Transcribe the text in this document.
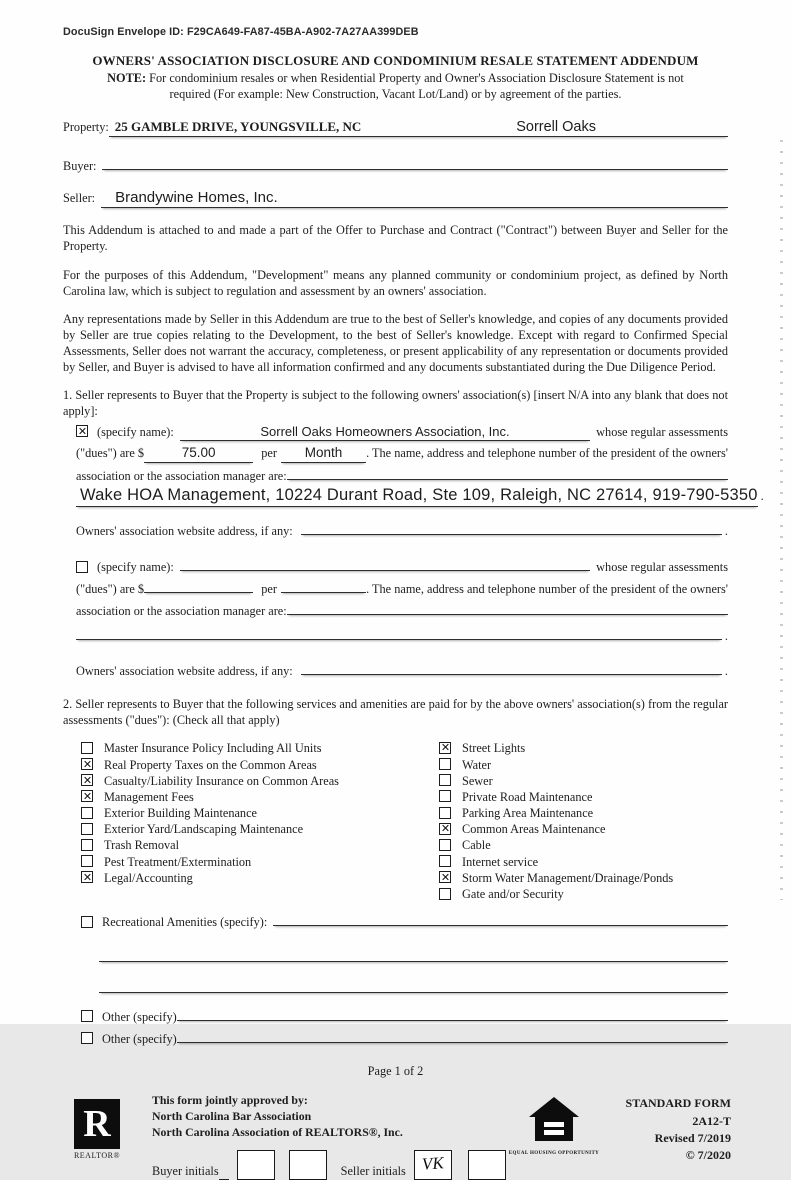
DocuSign Envelope ID: F29CA649-FA87-45BA-A902-7A27AA399DEB
OWNERS' ASSOCIATION DISCLOSURE AND CONDOMINIUM RESALE STATEMENT ADDENDUM
NOTE: For condominium resales or when Residential Property and Owner's Association Disclosure Statement is not required (For example: New Construction, Vacant Lot/Land) or by agreement of the parties.
Property: 25 GAMBLE DRIVE, YOUNGSVILLE, NC	Sorrell Oaks
Buyer:
Seller:	Brandywine Homes, Inc.
This Addendum is attached to and made a part of the Offer to Purchase and Contract ("Contract") between Buyer and Seller for the Property.
For the purposes of this Addendum, "Development" means any planned community or condominium project, as defined by North Carolina law, which is subject to regulation and assessment by an owners' association.
Any representations made by Seller in this Addendum are true to the best of Seller's knowledge, and copies of any documents provided by Seller are true copies relating to the Development, to the best of Seller's knowledge. Except with regard to Confirmed Special Assessments, Seller does not warrant the accuracy, completeness, or present applicability of any representation or documents provided by Seller, and Buyer is advised to have all information confirmed and any documents substantiated during the Due Diligence Period.
1. Seller represents to Buyer that the Property is subject to the following owners' association(s) [insert N/A into any blank that does not apply]:
✕
(specify name):	Sorrell Oaks Homeowners Association, Inc.	whose regular assessments
("dues") are $	75.00	per	Month	. The name, address and telephone number of the president of the owners'
association or the association manager are:
Wake HOA Management, 10224 Durant Road, Ste 109, Raleigh, NC 27614, 919-790-5350 .
Owners' association website address, if any:	.
(specify name):	whose regular assessments
("dues") are $	per	. The name, address and telephone number of the president of the owners'
association or the association manager are:
.
Owners' association website address, if any:	.
2. Seller represents to Buyer that the following services and amenities are paid for by the above owners' association(s) from the regular assessments ("dues"): (Check all that apply)
Master Insurance Policy Including All Units
✕
Real Property Taxes on the Common Areas
✕
Casualty/Liability Insurance on Common Areas
✕
Management Fees
Exterior Building Maintenance
Exterior Yard/Landscaping Maintenance
Trash Removal
Pest Treatment/Extermination
✕
Legal/Accounting
✕
Street Lights
Water
Sewer
Private Road Maintenance
Parking Area Maintenance
✕
Common Areas Maintenance
Cable
Internet service
✕
Storm Water Management/Drainage/Ponds
Gate and/or Security
Recreational Amenities (specify):
Other (specify)
Other (specify)
Page 1 of 2
R
REALTOR®
This form jointly approved by:
North Carolina Bar Association
North Carolina Association of REALTORS®, Inc.
Buyer initials	Seller initials VK
EQUAL HOUSING OPPORTUNITY
STANDARD FORM 2A12-T
Revised 7/2019
© 7/2020
